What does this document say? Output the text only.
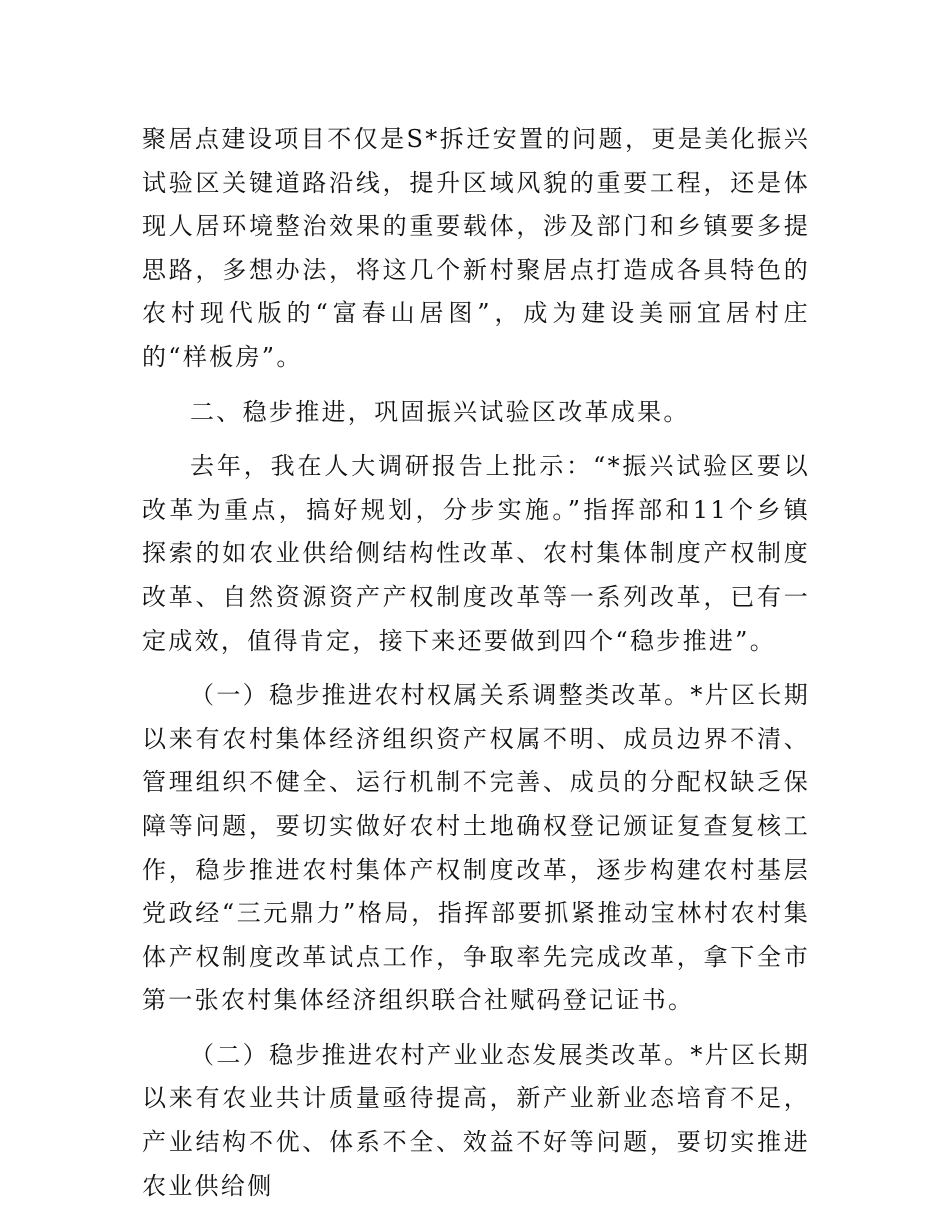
聚居点建设项目不仅是S*拆迁安置的问题，更是美化振兴试验区关键道路沿线，提升区域风貌的重要工程，还是体现人居环境整治效果的重要载体，涉及部门和乡镇要多提思路，多想办法，将这几个新村聚居点打造成各具特色的农村现代版的“富春山居图”，成为建设美丽宜居村庄的“样板房”。

二、稳步推进，巩固振兴试验区改革成果。

去年，我在人大调研报告上批示：“*振兴试验区要以改革为重点，搞好规划，分步实施。”指挥部和11个乡镇探索的如农业供给侧结构性改革、农村集体制度产权制度改革、自然资源资产产权制度改革等一系列改革，已有一定成效，值得肯定，接下来还要做到四个“稳步推进”。

（一）稳步推进农村权属关系调整类改革。*片区长期以来有农村集体经济组织资产权属不明、成员边界不清、管理组织不健全、运行机制不完善、成员的分配权缺乏保障等问题，要切实做好农村土地确权登记颁证复查复核工作，稳步推进农村集体产权制度改革，逐步构建农村基层党政经“三元鼎力”格局，指挥部要抓紧推动宝林村农村集体产权制度改革试点工作，争取率先完成改革，拿下全市第一张农村集体经济组织联合社赋码登记证书。

（二）稳步推进农村产业业态发展类改革。*片区长期以来有农业共计质量亟待提高，新产业新业态培育不足，产业结构不优、体系不全、效益不好等问题，要切实推进农业供给侧
